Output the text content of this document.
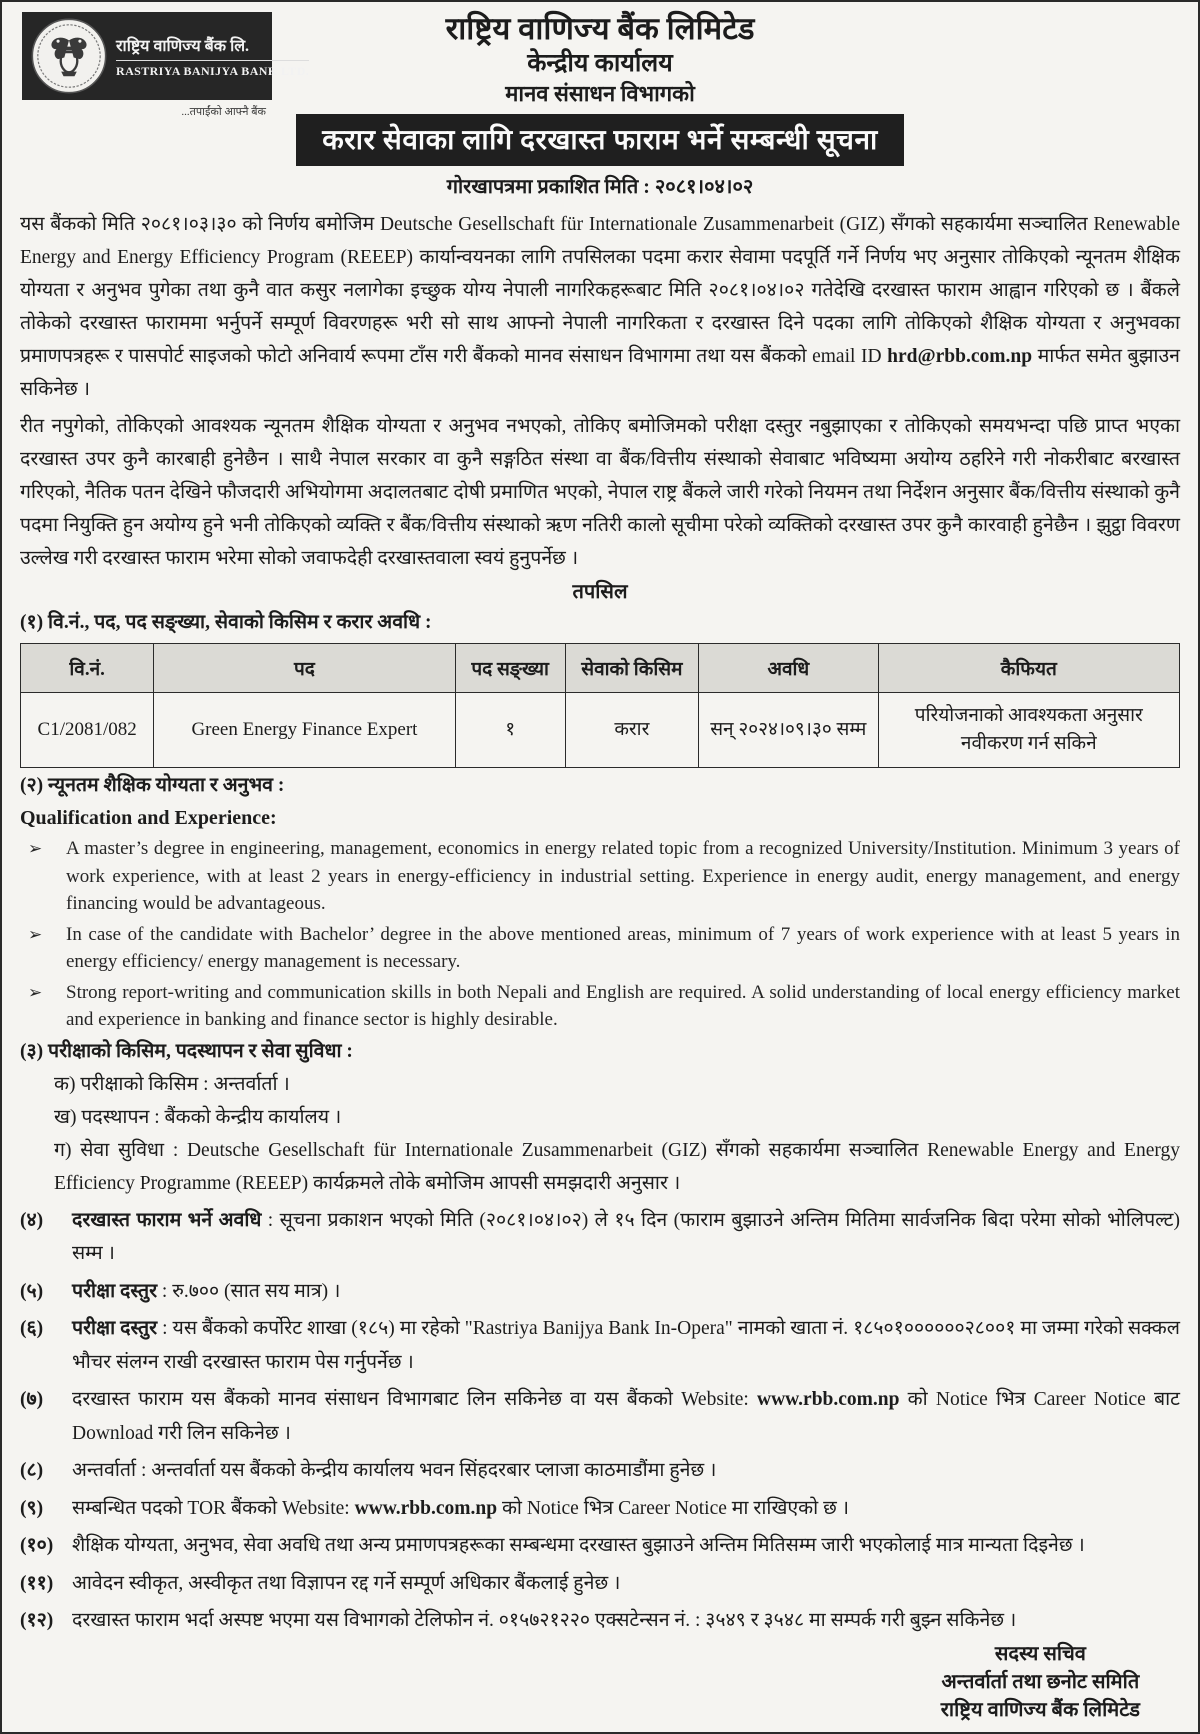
राष्ट्रिय वाणिज्य बैंक लि.
RASTRIYA BANIJYA BANK LTD.
...तपाईंको आफ्नै बैंक
राष्ट्रिय वाणिज्य बैंक लिमिटेड
केन्द्रीय कार्यालय
मानव संसाधन विभागको
करार सेवाका लागि दरखास्त फाराम भर्ने सम्बन्धी सूचना
गोरखापत्रमा प्रकाशित मिति : २०८१।०४।०२
यस बैंकको मिति २०८१।०३।३० को निर्णय बमोजिम Deutsche Gesellschaft für Internationale Zusammenarbeit (GIZ) सँगको सहकार्यमा सञ्चालित Renewable Energy and Energy Efficiency Program (REEEP) कार्यान्वयनका लागि तपसिलका पदमा करार सेवामा पदपूर्ति गर्ने निर्णय भए अनुसार तोकिएको न्यूनतम शैक्षिक योग्यता र अनुभव पुगेका तथा कुनै वात कसुर नलागेका इच्छुक योग्य नेपाली नागरिकहरूबाट मिति २०८१।०४।०२ गतेदेखि दरखास्त फाराम आह्वान गरिएको छ । बैंकले तोकेको दरखास्त फाराममा भर्नुपर्ने सम्पूर्ण विवरणहरू भरी सो साथ आफ्नो नेपाली नागरिकता र दरखास्त दिने पदका लागि तोकिएको शैक्षिक योग्यता र अनुभवका प्रमाणपत्रहरू र पासपोर्ट साइजको फोटो अनिवार्य रूपमा टाँस गरी बैंकको मानव संसाधन विभागमा तथा यस बैंकको email ID hrd@rbb.com.np मार्फत समेत बुझाउन सकिनेछ ।
रीत नपुगेको, तोकिएको आवश्यक न्यूनतम शैक्षिक योग्यता र अनुभव नभएको, तोकिए बमोजिमको परीक्षा दस्तुर नबुझाएका र तोकिएको समयभन्दा पछि प्राप्त भएका दरखास्त उपर कुनै कारबाही हुनेछैन । साथै नेपाल सरकार वा कुनै सङ्गठित संस्था वा बैंक/वित्तीय संस्थाको सेवाबाट भविष्यमा अयोग्य ठहरिने गरी नोकरीबाट बरखास्त गरिएको, नैतिक पतन देखिने फौजदारी अभियोगमा अदालतबाट दोषी प्रमाणित भएको, नेपाल राष्ट्र बैंकले जारी गरेको नियमन तथा निर्देशन अनुसार बैंक/वित्तीय संस्थाको कुनै पदमा नियुक्ति हुन अयोग्य हुने भनी तोकिएको व्यक्ति र बैंक/वित्तीय संस्थाको ऋण नतिरी कालो सूचीमा परेको व्यक्तिको दरखास्त उपर कुनै कारवाही हुनेछैन । झुट्ठा विवरण उल्लेख गरी दरखास्त फाराम भरेमा सोको जवाफदेही दरखास्तवाला स्वयं हुनुपर्नेछ ।
तपसिल
(१) वि.नं., पद, पद सङ्ख्या, सेवाको किसिम र करार अवधि :
वि.नं.	पद	पद सङ्ख्या	सेवाको किसिम	अवधि	कैफियत
C1/2081/082	Green Energy Finance Expert	१	करार	सन् २०२४।०९।३० सम्म	परियोजनाको आवश्यकता अनुसार नवीकरण गर्न सकिने
(२) न्यूनतम शैक्षिक योग्यता र अनुभव :
Qualification and Experience:
➢ A master’s degree in engineering, management, economics in energy related topic from a recognized University/Institution. Minimum 3 years of work experience, with at least 2 years in energy-efficiency in industrial setting. Experience in energy audit, energy management, and energy financing would be advantageous.
➢ In case of the candidate with Bachelor’ degree in the above mentioned areas, minimum of 7 years of work experience with at least 5 years in energy efficiency/ energy management is necessary.
➢ Strong report-writing and communication skills in both Nepali and English are required. A solid understanding of local energy efficiency market and experience in banking and finance sector is highly desirable.
(३) परीक्षाको किसिम, पदस्थापन र सेवा सुविधा :
क) परीक्षाको किसिम : अन्तर्वार्ता ।
ख) पदस्थापन : बैंकको केन्द्रीय कार्यालय ।
ग) सेवा सुविधा : Deutsche Gesellschaft für Internationale Zusammenarbeit (GIZ) सँगको सहकार्यमा सञ्चालित Renewable Energy and Energy Efficiency Programme (REEEP) कार्यक्रमले तोके बमोजिम आपसी समझदारी अनुसार ।
(४)	दरखास्त फाराम भर्ने अवधि : सूचना प्रकाशन भएको मिति (२०८१।०४।०२) ले १५ दिन (फाराम बुझाउने अन्तिम मितिमा सार्वजनिक बिदा परेमा सोको भोलिपल्ट) सम्म ।
(५)	परीक्षा दस्तुर : रु.७०० (सात सय मात्र) ।
(६)	परीक्षा दस्तुर : यस बैंकको कर्पोरेट शाखा (१८५) मा रहेको "Rastriya Banijya Bank In-Opera" नामको खाता नं. १८५०१००००००२८००१ मा जम्मा गरेको सक्कल भौचर संलग्न राखी दरखास्त फाराम पेस गर्नुपर्नेछ ।
(७)	दरखास्त फाराम यस बैंकको मानव संसाधन विभागबाट लिन सकिनेछ वा यस बैंकको Website: www.rbb.com.np को Notice भित्र Career Notice बाट Download गरी लिन सकिनेछ ।
(८)	अन्तर्वार्ता : अन्तर्वार्ता यस बैंकको केन्द्रीय कार्यालय भवन सिंहदरबार प्लाजा काठमाडौंमा हुनेछ ।
(९)	सम्बन्धित पदको TOR बैंकको Website: www.rbb.com.np को Notice भित्र Career Notice मा राखिएको छ ।
(१०) शैक्षिक योग्यता, अनुभव, सेवा अवधि तथा अन्य प्रमाणपत्रहरूका सम्बन्धमा दरखास्त बुझाउने अन्तिम मितिसम्म जारी भएकोलाई मात्र मान्यता दिइनेछ ।
(११) आवेदन स्वीकृत, अस्वीकृत तथा विज्ञापन रद्द गर्ने सम्पूर्ण अधिकार बैंकलाई हुनेछ ।
(१२) दरखास्त फाराम भर्दा अस्पष्ट भएमा यस विभागको टेलिफोन नं. ०१५७२१२२० एक्सटेन्सन नं. : ३५४९ र ३५४८ मा सम्पर्क गरी बुझ्न सकिनेछ ।
सदस्य सचिव
अन्तर्वार्ता तथा छनोट समिति
राष्ट्रिय वाणिज्य बैंक लिमिटेड
